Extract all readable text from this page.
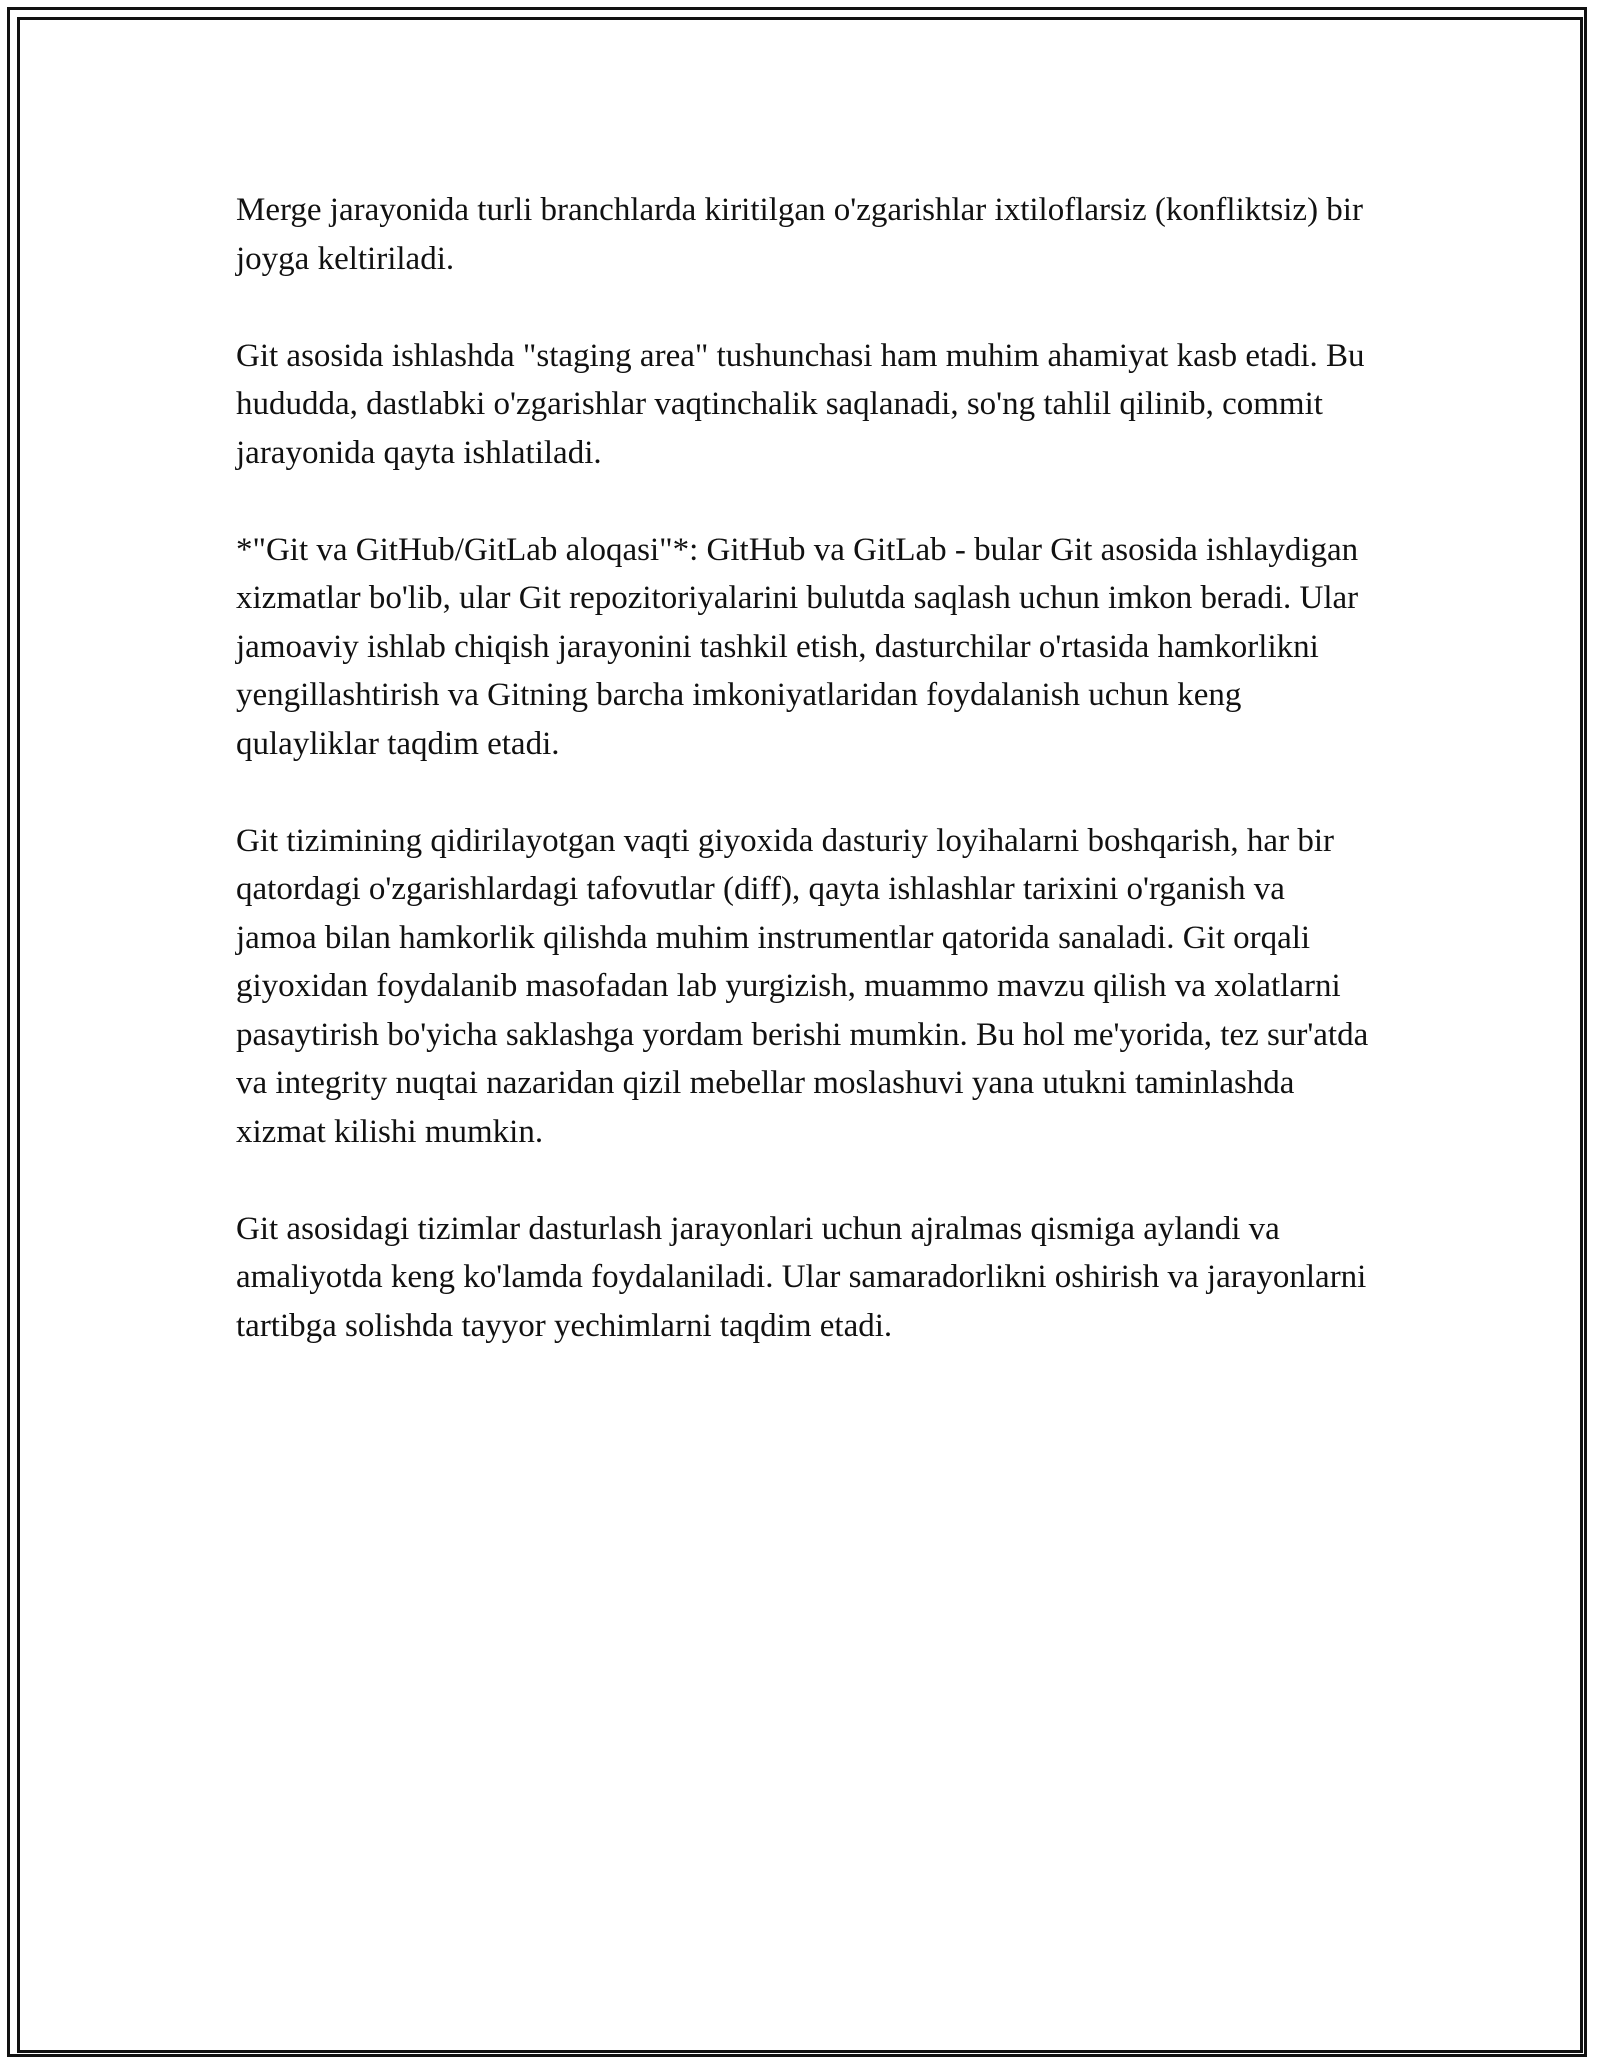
Merge jarayonida turli branchlarda kiritilgan o'zgarishlar ixtiloflarsiz (konfliktsiz) bir joyga keltiriladi.

Git asosida ishlashda "staging area" tushunchasi ham muhim ahamiyat kasb etadi. Bu hududda, dastlabki o'zgarishlar vaqtinchalik saqlanadi, so'ng tahlil qilinib, commit jarayonida qayta ishlatiladi.

*"Git va GitHub/GitLab aloqasi"*: GitHub va GitLab - bular Git asosida ishlaydigan xizmatlar bo'lib, ular Git repozitoriyalarini bulutda saqlash uchun imkon beradi. Ular jamoaviy ishlab chiqish jarayonini tashkil etish, dasturchilar o'rtasida hamkorlikni yengillashtirish va Gitning barcha imkoniyatlaridan foydalanish uchun keng qulayliklar taqdim etadi.

Git tizimining qidirilayotgan vaqti giyoxida dasturiy loyihalarni boshqarish, har bir qatordagi o'zgarishlardagi tafovutlar (diff), qayta ishlashlar tarixini o'rganish va jamoa bilan hamkorlik qilishda muhim instrumentlar qatorida sanaladi. Git orqali giyoxidan foydalanib masofadan lab yurgizish, muammo mavzu qilish va xolatlarni pasaytirish bo'yicha saklashga yordam berishi mumkin. Bu hol me'yorida, tez sur'atda va integrity nuqtai nazaridan qizil mebellar moslashuvi yana utukni taminlashda xizmat kilishi mumkin.

Git asosidagi tizimlar dasturlash jarayonlari uchun ajralmas qismiga aylandi va amaliyotda keng ko'lamda foydalaniladi. Ular samaradorlikni oshirish va jarayonlarni tartibga solishda tayyor yechimlarni taqdim etadi.
